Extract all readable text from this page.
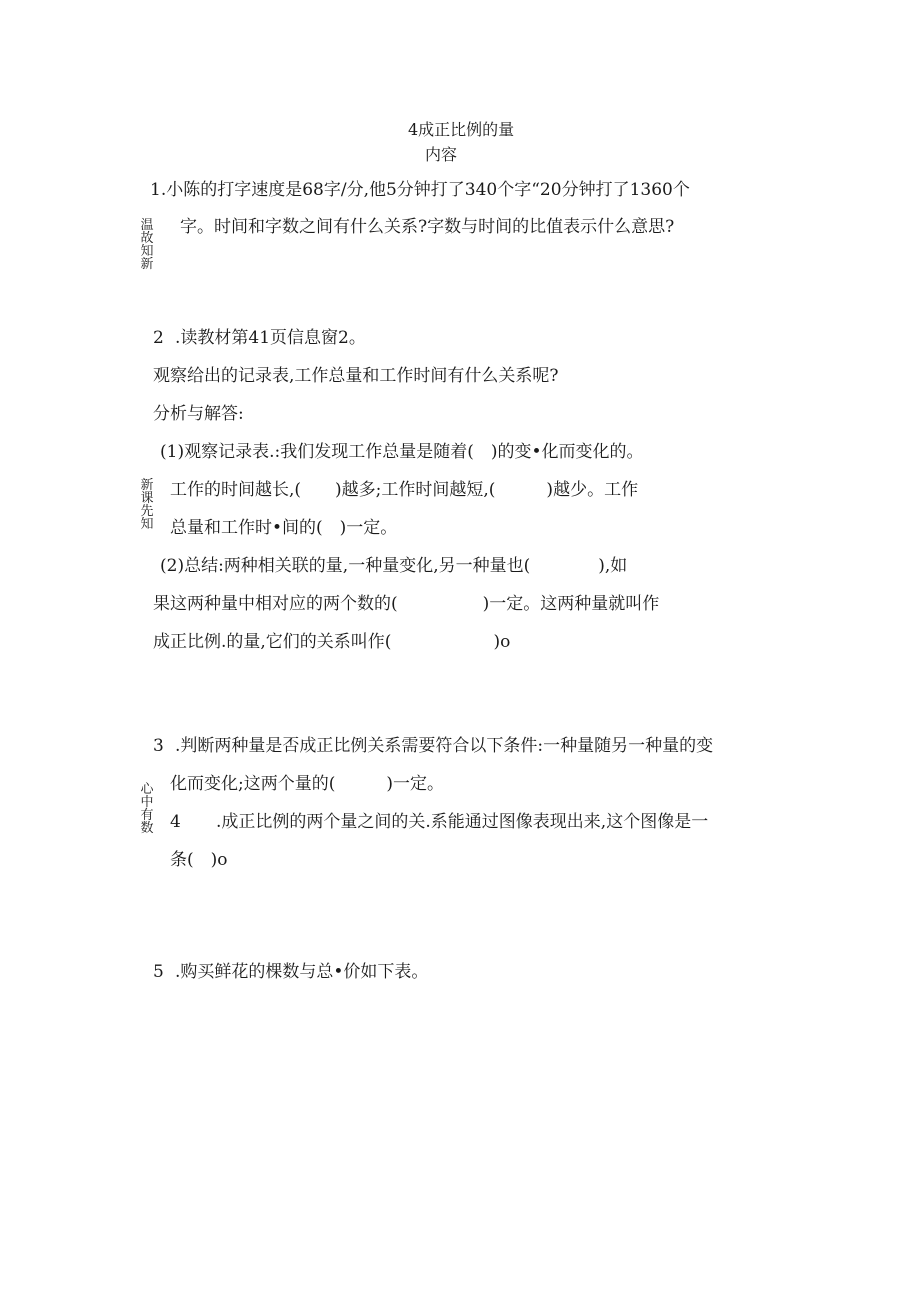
4成正比例的量
内容
温故知新
新课先知
心中有数
1.小陈的打字速度是68字/分,他5分钟打了340个字“20分钟打了1360个
字。时间和字数之间有什么关系?字数与时间的比值表示什么意思?
2 .读教材第41页信息窗2。
观察给出的记录表,工作总量和工作时间有什么关系呢?
分析与解答:
(1)观察记录表.:我们发现工作总量是随着(　)的变•化而变化的。
工作的时间越长,(　　)越多;工作时间越短,(　　　)越少。工作
总量和工作时•间的(　)一定。
(2)总结:两种相关联的量,一种量变化,另一种量也(　　　　),如
果这两种量中相对应的两个数的(　　　　　)一定。这两种量就叫作
成正比例.的量,它们的关系叫作(　　　　　　)o
3 .判断两种量是否成正比例关系需要符合以下条件:一种量随另一种量的变
化而变化;这两个量的(　　　)一定。
4 .成正比例的两个量之间的关.系能通过图像表现出来,这个图像是一
条(　)o
5 .购买鲜花的棵数与总•价如下表。
